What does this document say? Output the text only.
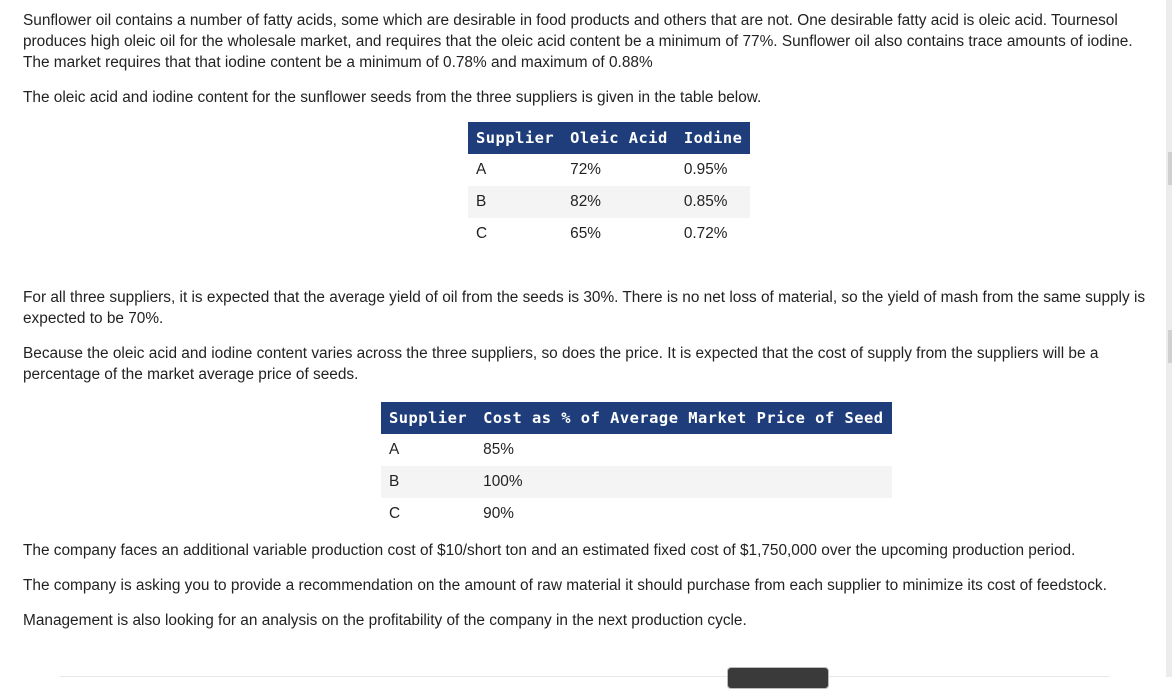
Sunflower oil contains a number of fatty acids, some which are desirable in food products and others that are not. One desirable fatty acid is oleic acid. Tournesol produces high oleic oil for the wholesale market, and requires that the oleic acid content be a minimum of 77%. Sunflower oil also contains trace amounts of iodine. The market requires that that iodine content be a minimum of 0.78% and maximum of 0.88%

The oleic acid and iodine content for the sunflower seeds from the three suppliers is given in the table below.

Supplier	Oleic Acid	Iodine
A	72%	0.95%
B	82%	0.85%
C	65%	0.72%

For all three suppliers, it is expected that the average yield of oil from the seeds is 30%. There is no net loss of material, so the yield of mash from the same supply is expected to be 70%.

Because the oleic acid and iodine content varies across the three suppliers, so does the price. It is expected that the cost of supply from the suppliers will be a percentage of the market average price of seeds.

Supplier	Cost as % of Average Market Price of Seed
A	85%
B	100%
C	90%

The company faces an additional variable production cost of $10/short ton and an estimated fixed cost of $1,750,000 over the upcoming production period.

The company is asking you to provide a recommendation on the amount of raw material it should purchase from each supplier to minimize its cost of feedstock.

Management is also looking for an analysis on the profitability of the company in the next production cycle.
